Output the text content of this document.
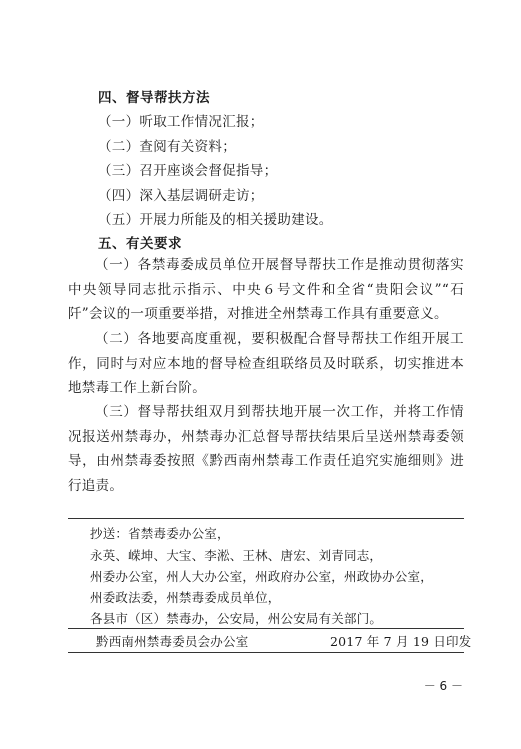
四、督导帮扶方法
（一）听取工作情况汇报；
（二）查阅有关资料；
（三）召开座谈会督促指导；
（四）深入基层调研走访；
（五）开展力所能及的相关援助建设。
五、有关要求
（一）各禁毒委成员单位开展督导帮扶工作是推动贯彻落实中央领导同志批示指示、中央６号文件和全省“贵阳会议”“石阡”会议的一项重要举措，对推进全州禁毒工作具有重要意义。
（二）各地要高度重视，要积极配合督导帮扶工作组开展工作，同时与对应本地的督导检查组联络员及时联系，切实推进本地禁毒工作上新台阶。
（三）督导帮扶组双月到帮扶地开展一次工作，并将工作情况报送州禁毒办，州禁毒办汇总督导帮扶结果后呈送州禁毒委领导，由州禁毒委按照《黔西南州禁毒工作责任追究实施细则》进行追责。
抄送：省禁毒委办公室，
永英、嵘坤、大宝、李淞、王林、唐宏、刘青同志，
州委办公室，州人大办公室，州政府办公室，州政协办公室，
州委政法委，州禁毒委成员单位，
各县市（区）禁毒办，公安局，州公安局有关部门。
黔西南州禁毒委员会办公室	2017 年 7 月 19 日印发
－ 6 －
